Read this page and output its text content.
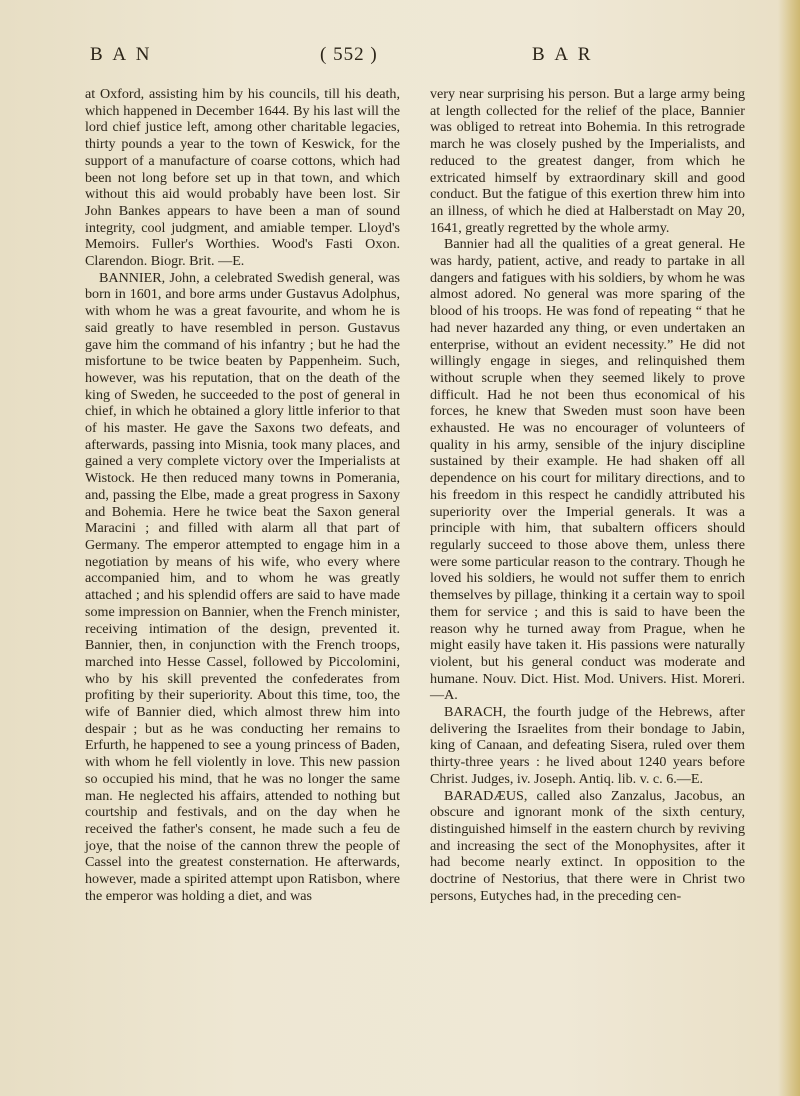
B A N	( 552 )	B A R

at Oxford, assisting him by his councils, till his death, which happened in December 1644. By his last will the lord chief justice left, among other charitable legacies, thirty pounds a year to the town of Keswick, for the support of a manufacture of coarse cottons, which had been not long before set up in that town, and which without this aid would probably have been lost. Sir John Bankes appears to have been a man of sound integrity, cool judgment, and amiable temper. Lloyd's Memoirs. Fuller's Worthies. Wood's Fasti Oxon. Clarendon. Biogr. Brit. —E.

BANNIER, John, a celebrated Swedish general, was born in 1601, and bore arms under Gustavus Adolphus, with whom he was a great favourite, and whom he is said greatly to have resembled in person. Gustavus gave him the command of his infantry ; but he had the misfortune to be twice beaten by Pappenheim. Such, however, was his reputation, that on the death of the king of Sweden, he succeeded to the post of general in chief, in which he obtained a glory little inferior to that of his master. He gave the Saxons two defeats, and afterwards, passing into Misnia, took many places, and gained a very complete victory over the Imperialists at Wistock. He then reduced many towns in Pomerania, and, passing the Elbe, made a great progress in Saxony and Bohemia. Here he twice beat the Saxon general Maracini ; and filled with alarm all that part of Germany. The emperor attempted to engage him in a negotiation by means of his wife, who every where accompanied him, and to whom he was greatly attached ; and his splendid offers are said to have made some impression on Bannier, when the French minister, receiving intimation of the design, prevented it. Bannier, then, in conjunction with the French troops, marched into Hesse Cassel, followed by Piccolomini, who by his skill prevented the confederates from profiting by their superiority. About this time, too, the wife of Bannier died, which almost threw him into despair ; but as he was conducting her remains to Erfurth, he happened to see a young princess of Baden, with whom he fell violently in love. This new passion so occupied his mind, that he was no longer the same man. He neglected his affairs, attended to nothing but courtship and festivals, and on the day when he received the father's consent, he made such a feu de joye, that the noise of the cannon threw the people of Cassel into the greatest consternation. He afterwards, however, made a spirited attempt upon Ratisbon, where the emperor was holding a diet, and was

very near surprising his person. But a large army being at length collected for the relief of the place, Bannier was obliged to retreat into Bohemia. In this retrograde march he was closely pushed by the Imperialists, and reduced to the greatest danger, from which he extricated himself by extraordinary skill and good conduct. But the fatigue of this exertion threw him into an illness, of which he died at Halberstadt on May 20, 1641, greatly regretted by the whole army.

Bannier had all the qualities of a great general. He was hardy, patient, active, and ready to partake in all dangers and fatigues with his soldiers, by whom he was almost adored. No general was more sparing of the blood of his troops. He was fond of repeating “ that he had never hazarded any thing, or even undertaken an enterprise, without an evident necessity.” He did not willingly engage in sieges, and relinquished them without scruple when they seemed likely to prove difficult. Had he not been thus economical of his forces, he knew that Sweden must soon have been exhausted. He was no encourager of volunteers of quality in his army, sensible of the injury discipline sustained by their example. He had shaken off all dependence on his court for military directions, and to his freedom in this respect he candidly attributed his superiority over the Imperial generals. It was a principle with him, that subaltern officers should regularly succeed to those above them, unless there were some particular reason to the contrary. Though he loved his soldiers, he would not suffer them to enrich themselves by pillage, thinking it a certain way to spoil them for service ; and this is said to have been the reason why he turned away from Prague, when he might easily have taken it. His passions were naturally violent, but his general conduct was moderate and humane. Nouv. Dict. Hist. Mod. Univers. Hist. Moreri.—A.

BARACH, the fourth judge of the Hebrews, after delivering the Israelites from their bondage to Jabin, king of Canaan, and defeating Sisera, ruled over them thirty-three years : he lived about 1240 years before Christ. Judges, iv. Joseph. Antiq. lib. v. c. 6.—E.

BARADÆUS, called also Zanzalus, Jacobus, an obscure and ignorant monk of the sixth century, distinguished himself in the eastern church by reviving and increasing the sect of the Monophysites, after it had become nearly extinct. In opposition to the doctrine of Nestorius, that there were in Christ two persons, Eutyches had, in the preceding cen-
